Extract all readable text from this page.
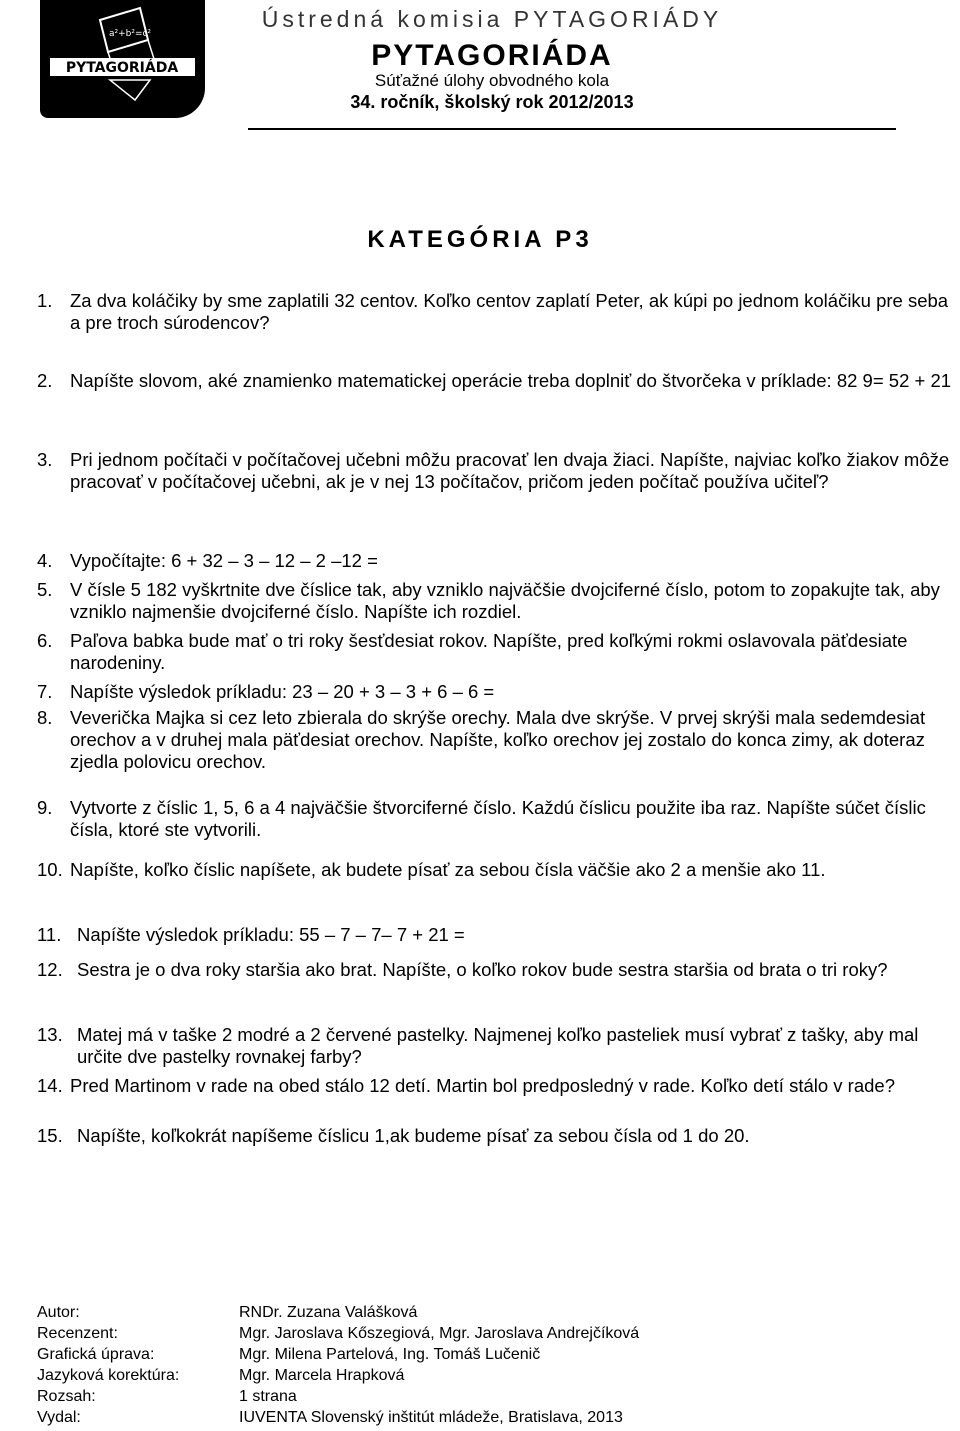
a²+b²=c²
PYTAGORIÁDA
Ústredná komisia PYTAGORIÁDY
PYTAGORIÁDA
Súťažné úlohy obvodného kola
34. ročník, školský rok 2012/2013
KATEGÓRIA P3
1. Za dva koláčiky by sme zaplatili 32 centov. Koľko centov zaplatí Peter, ak kúpi po jednom koláčiku pre seba a pre troch súrodencov?
2. Napíšte slovom, aké znamienko matematickej operácie treba doplniť do štvorčeka v príklade: 82 9= 52 + 21
3. Pri jednom počítači v počítačovej učebni môžu pracovať len dvaja žiaci. Napíšte, najviac koľko žiakov môže pracovať v počítačovej učebni, ak je v nej 13 počítačov, pričom jeden počítač používa učiteľ?
4. Vypočítajte: 6 + 32 – 3 – 12 – 2 –12 =
5. V čísle 5 182 vyškrtnite dve číslice tak, aby vzniklo najväčšie dvojciferné číslo, potom to zopakujte tak, aby vzniklo najmenšie dvojciferné číslo. Napíšte ich rozdiel.
6. Paľova babka bude mať o tri roky šesťdesiat rokov. Napíšte, pred koľkými rokmi oslavovala päťdesiate narodeniny.
7. Napíšte výsledok príkladu: 23 – 20 + 3 – 3 + 6 – 6 =
8. Veverička Majka si cez leto zbierala do skrýše orechy. Mala dve skrýše. V prvej skrýši mala sedemdesiat orechov a v druhej mala päťdesiat orechov. Napíšte, koľko orechov jej zostalo do konca zimy, ak doteraz zjedla polovicu orechov.
9. Vytvorte z číslic 1, 5, 6 a 4 najväčšie štvorciferné číslo. Každú číslicu použite iba raz. Napíšte súčet číslic čísla, ktoré ste vytvorili.
10. Napíšte, koľko číslic napíšete, ak budete písať za sebou čísla väčšie ako 2 a menšie ako 11.
11. Napíšte výsledok príkladu: 55 – 7 – 7– 7 + 21 =
12. Sestra je o dva roky staršia ako brat. Napíšte, o koľko rokov bude sestra staršia od brata o tri roky?
13. Matej má v taške 2 modré a 2 červené pastelky. Najmenej koľko pasteliek musí vybrať z tašky, aby mal určite dve pastelky rovnakej farby?
14. Pred Martinom v rade na obed stálo 12 detí. Martin bol predposledný v rade. Koľko detí stálo v rade?
15. Napíšte, koľkokrát napíšeme číslicu 1,ak budeme písať za sebou čísla od 1 do 20.
Autor:	RNDr. Zuzana Valášková
Recenzent:	Mgr. Jaroslava Kőszegiová, Mgr. Jaroslava Andrejčíková
Grafická úprava:	Mgr. Milena Partelová, Ing. Tomáš Lučenič
Jazyková korektúra:	Mgr. Marcela Hrapková
Rozsah:	1 strana
Vydal:	IUVENTA Slovenský inštitút mládeže, Bratislava, 2013
